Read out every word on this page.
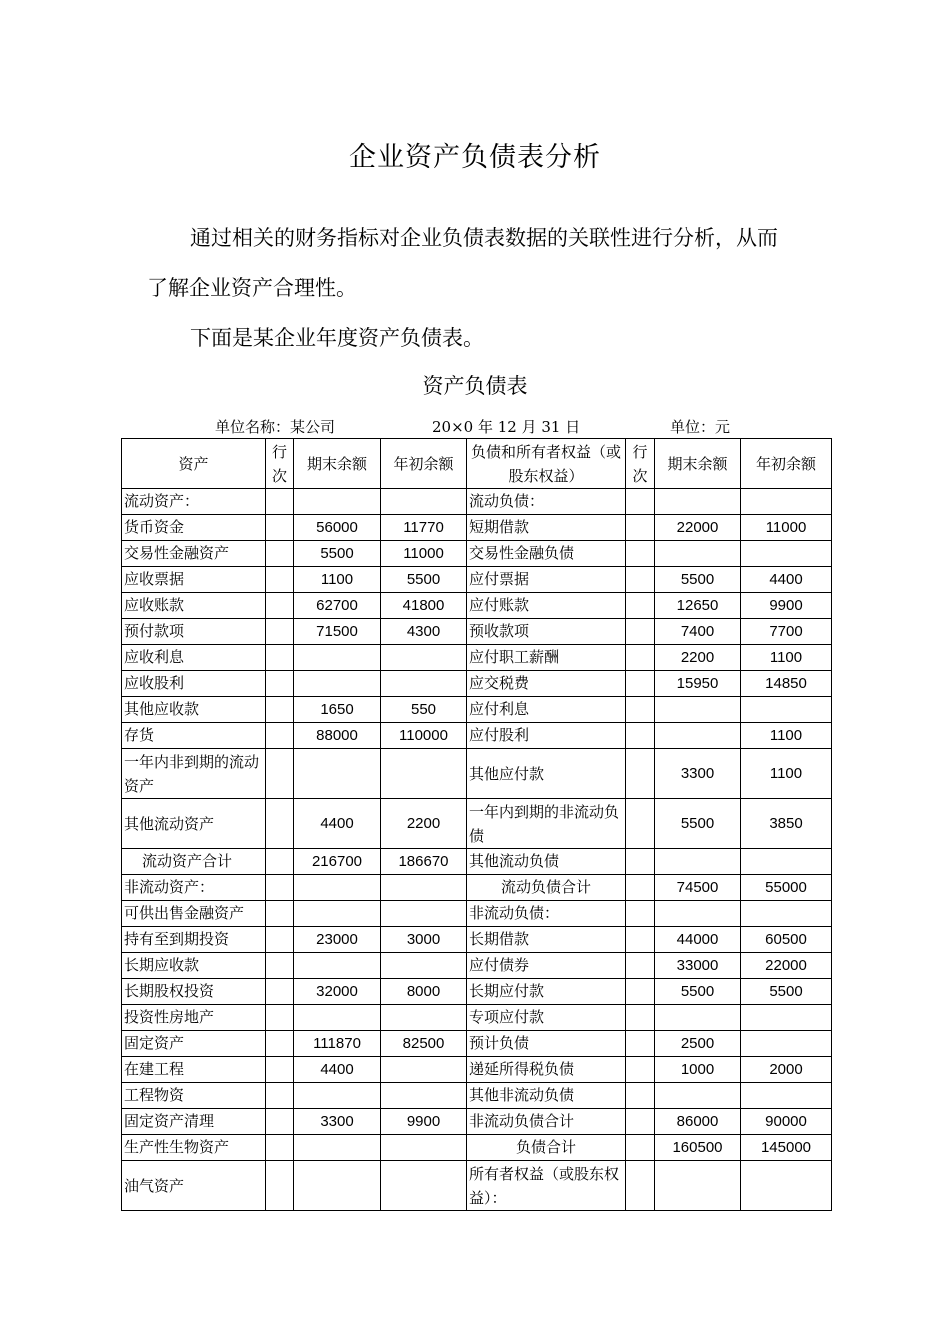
企业资产负债表分析
通过相关的财务指标对企业负债表数据的关联性进行分析，从而
了解企业资产合理性。
下面是某企业年度资产负债表。
资产负债表
单位名称：某公司	20×0 年 12 月 31 日	单位：元
资产	行次	期末余额	年初余额	负债和所有者权益（或股东权益）	行次	期末余额	年初余额
流动资产：				流动负债：			
货币资金		56000	11770	短期借款		22000	11000
交易性金融资产		5500	11000	交易性金融负债			
应收票据		1100	5500	应付票据		5500	4400
应收账款		62700	41800	应付账款		12650	9900
预付款项		71500	4300	预收款项		7400	7700
应收利息				应付职工薪酬		2200	1100
应收股利				应交税费		15950	14850
其他应收款		1650	550	应付利息			
存货		88000	110000	应付股利			1100
一年内非到期的流动资产				其他应付款		3300	1100
其他流动资产		4400	2200	一年内到期的非流动负债		5500	3850
流动资产合计		216700	186670	其他流动负债			
非流动资产：				流动负债合计		74500	55000
可供出售金融资产				非流动负债：			
持有至到期投资		23000	3000	长期借款		44000	60500
长期应收款				应付债券		33000	22000
长期股权投资		32000	8000	长期应付款		5500	5500
投资性房地产				专项应付款			
固定资产		111870	82500	预计负债		2500	
在建工程		4400		递延所得税负债		1000	2000
工程物资				其他非流动负债			
固定资产清理		3300	9900	非流动负债合计		86000	90000
生产性生物资产				负债合计		160500	145000
油气资产				所有者权益（或股东权益）：			
